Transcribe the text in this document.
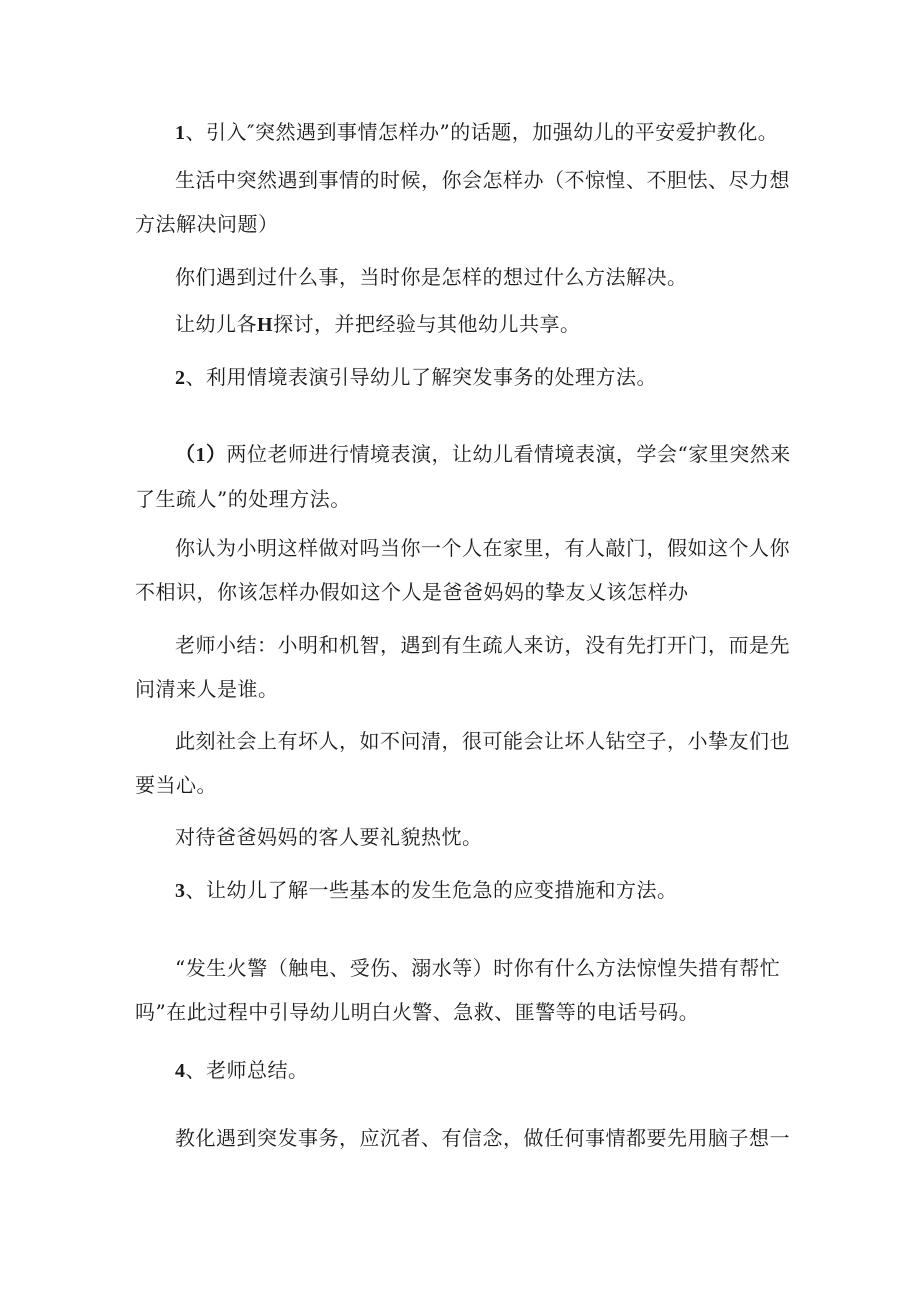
1、引入″突然遇到事情怎样办”的话题，加强幼儿的平安爱护教化。

生活中突然遇到事情的时候，你会怎样办（不惊惶、不胆怯、尽力想方法解决问题）

你们遇到过什么事，当时你是怎样的想过什么方法解决。

让幼儿各H探讨，并把经验与其他幼儿共享。

2、利用情境表演引导幼儿了解突发事务的处理方法。

（1）两位老师进行情境表演，让幼儿看情境表演，学会“家里突然来了生疏人”的处理方法。

你认为小明这样做对吗当你一个人在家里，有人敲门，假如这个人你不相识，你该怎样办假如这个人是爸爸妈妈的挚友乂该怎样办

老师小结：小明和机智，遇到有生疏人来访，没有先打开门，而是先问清来人是谁。

此刻社会上有坏人，如不问清，很可能会让坏人钻空子，小挚友们也要当心。

对待爸爸妈妈的客人要礼貌热忱。

3、让幼儿了解一些基本的发生危急的应变措施和方法。

“发生火警（触电、受伤、溺水等）时你有什么方法惊惶失措有帮忙吗”在此过程中引导幼儿明白火警、急救、匪警等的电话号码。

4、老师总结。

教化遇到突发事务，应沉者、有信念，做任何事情都要先用脑子想一
